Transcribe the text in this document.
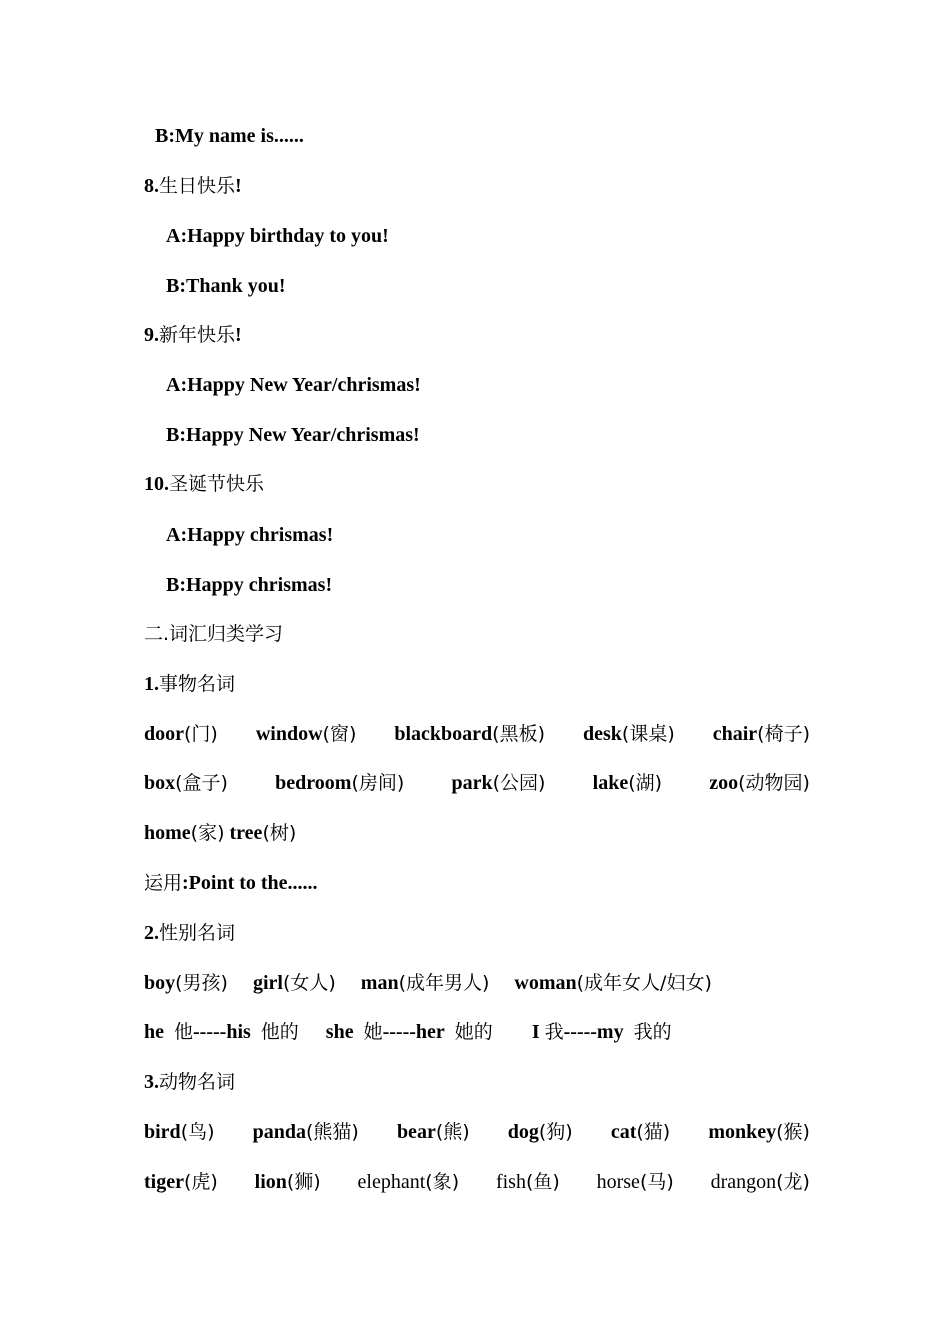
B:My name is......
8.生日快乐!
A:Happy birthday to you!
B:Thank you!
9.新年快乐!
A:Happy New Year/chrismas!
B:Happy New Year/chrismas!
10.圣诞节快乐
A:Happy chrismas!
B:Happy chrismas!
二.词汇归类学习
1.事物名词
door(门) window(窗) blackboard(黑板) desk(课桌) chair(椅子)
box(盒子) bedroom(房间) park(公园) lake(湖) zoo(动物园)
home(家) tree(树)
运用:Point to the......
2.性别名词
boy(男孩) girl(女人) man(成年男人) woman(成年女人/妇女)
he 他-----his 他的 she 她-----her 她的 I 我-----my 我的
3.动物名词
bird(鸟) panda(熊猫) bear(熊) dog(狗) cat(猫) monkey(猴)
tiger(虎) lion(狮) elephant(象) fish(鱼) horse(马) drangon(龙)
